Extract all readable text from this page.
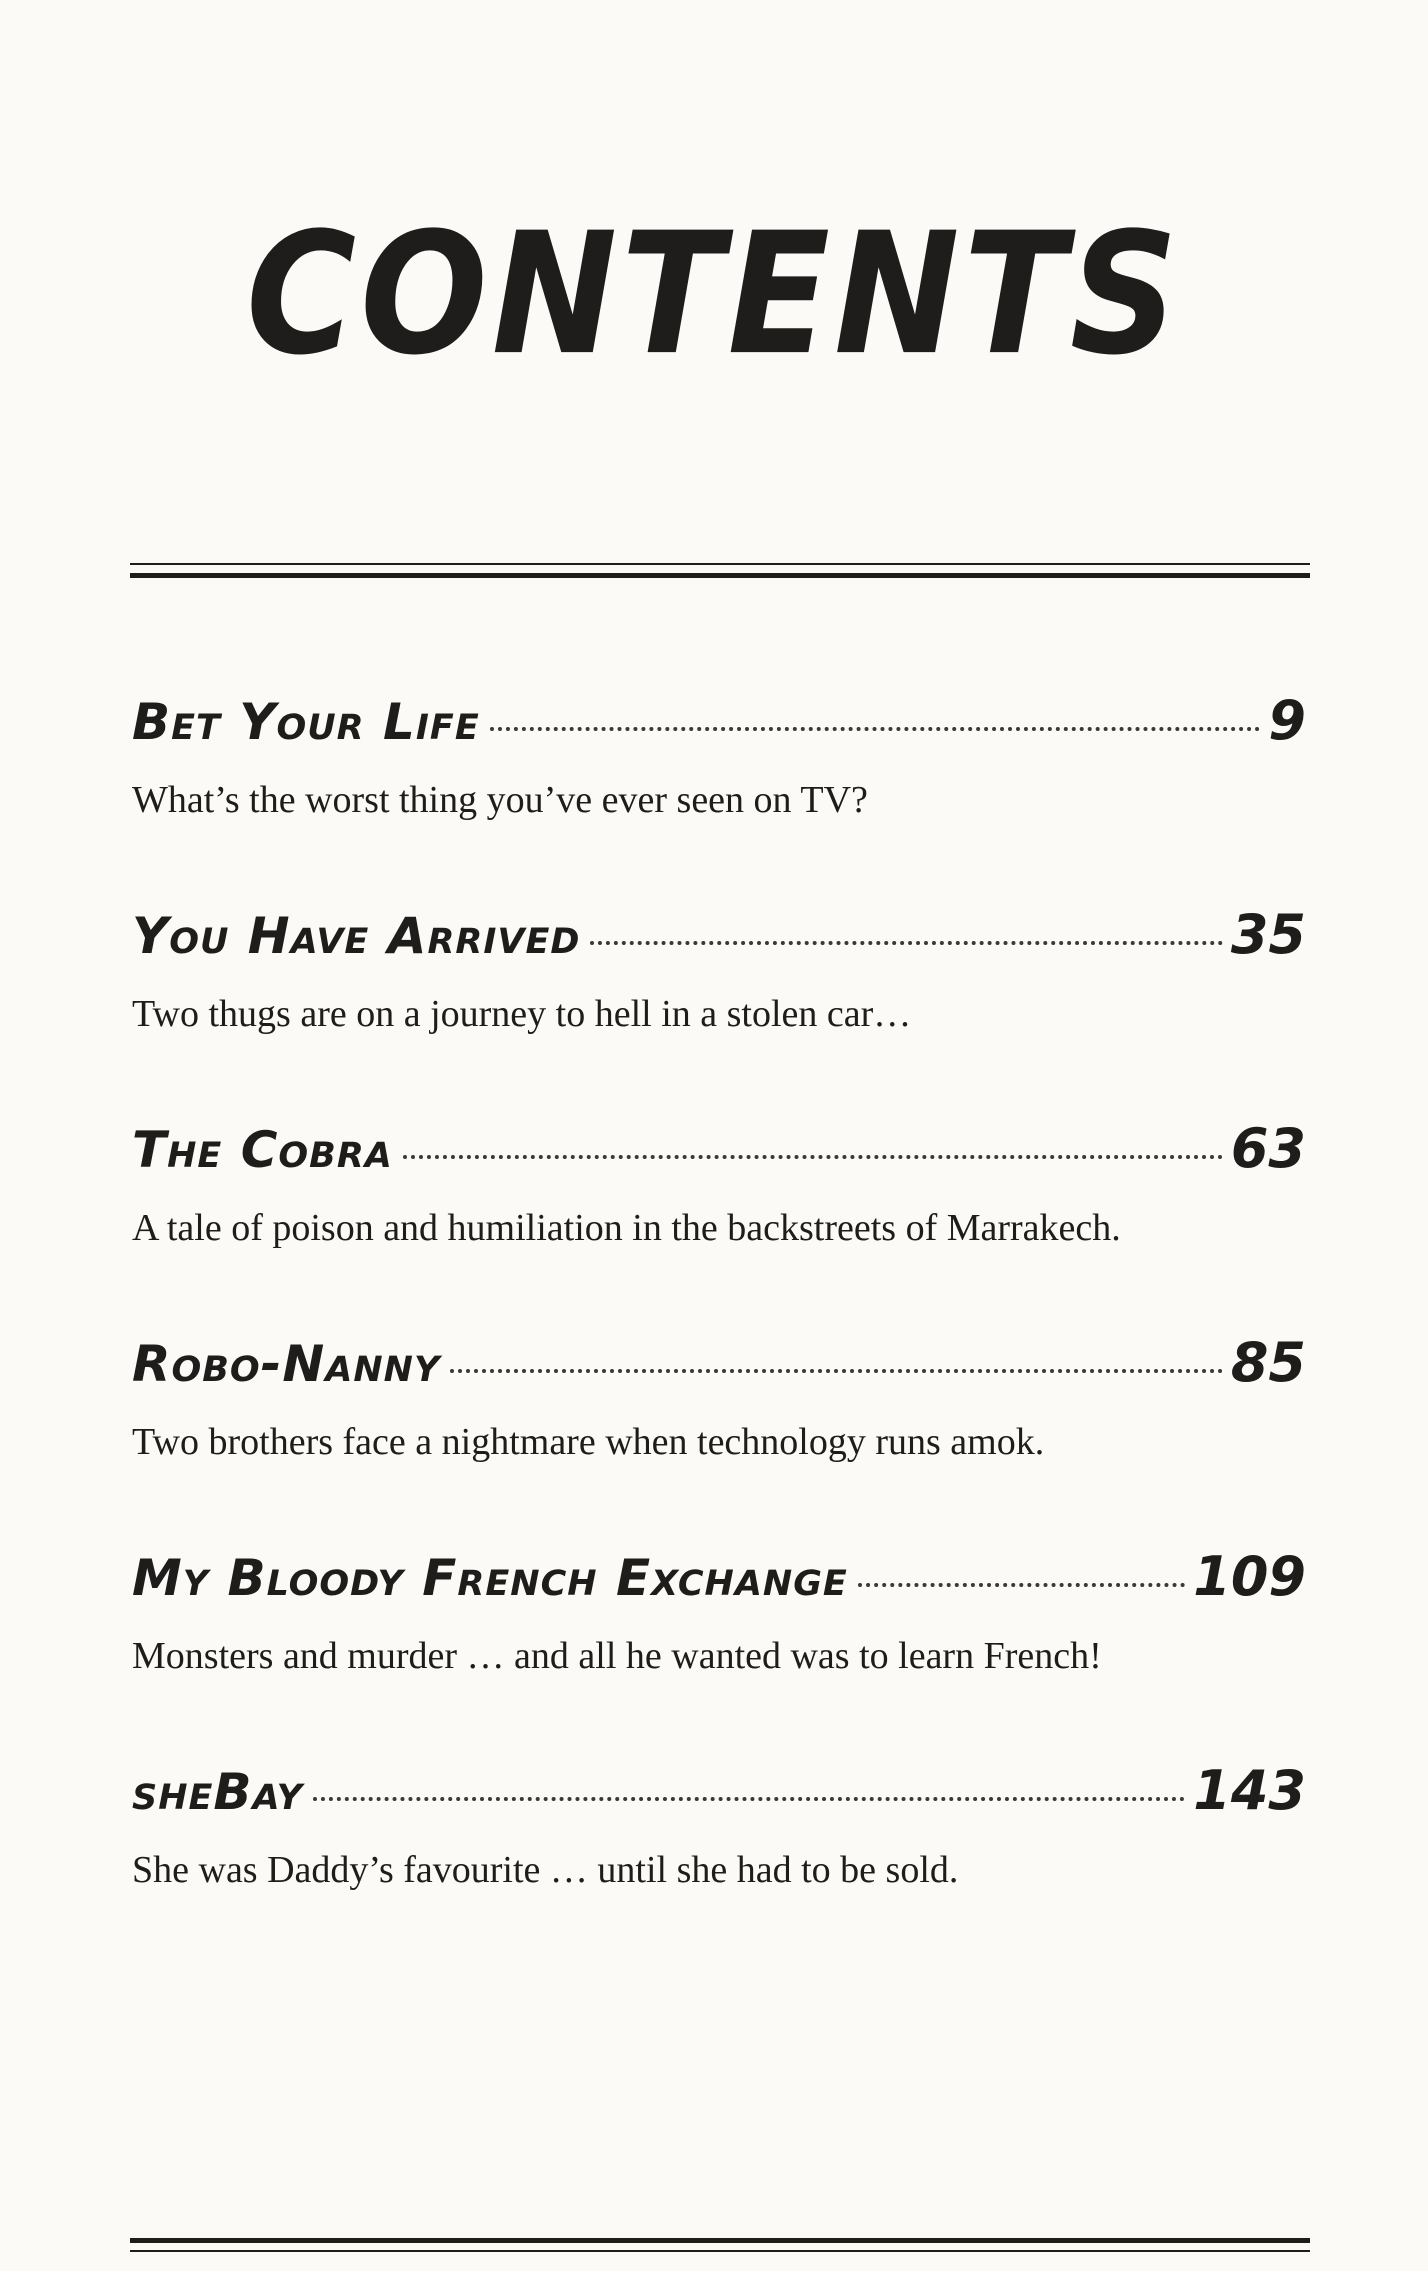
CONTENTS
Bet Your Life	9
What’s the worst thing you’ve ever seen on TV?
You Have Arrived	35
Two thugs are on a journey to hell in a stolen car…
The Cobra	63
A tale of poison and humiliation in the backstreets of Marrakech.
Robo-Nanny	85
Two brothers face a nightmare when technology runs amok.
My Bloody French Exchange	109
Monsters and murder … and all he wanted was to learn French!
sheBay	143
She was Daddy’s favourite … until she had to be sold.
